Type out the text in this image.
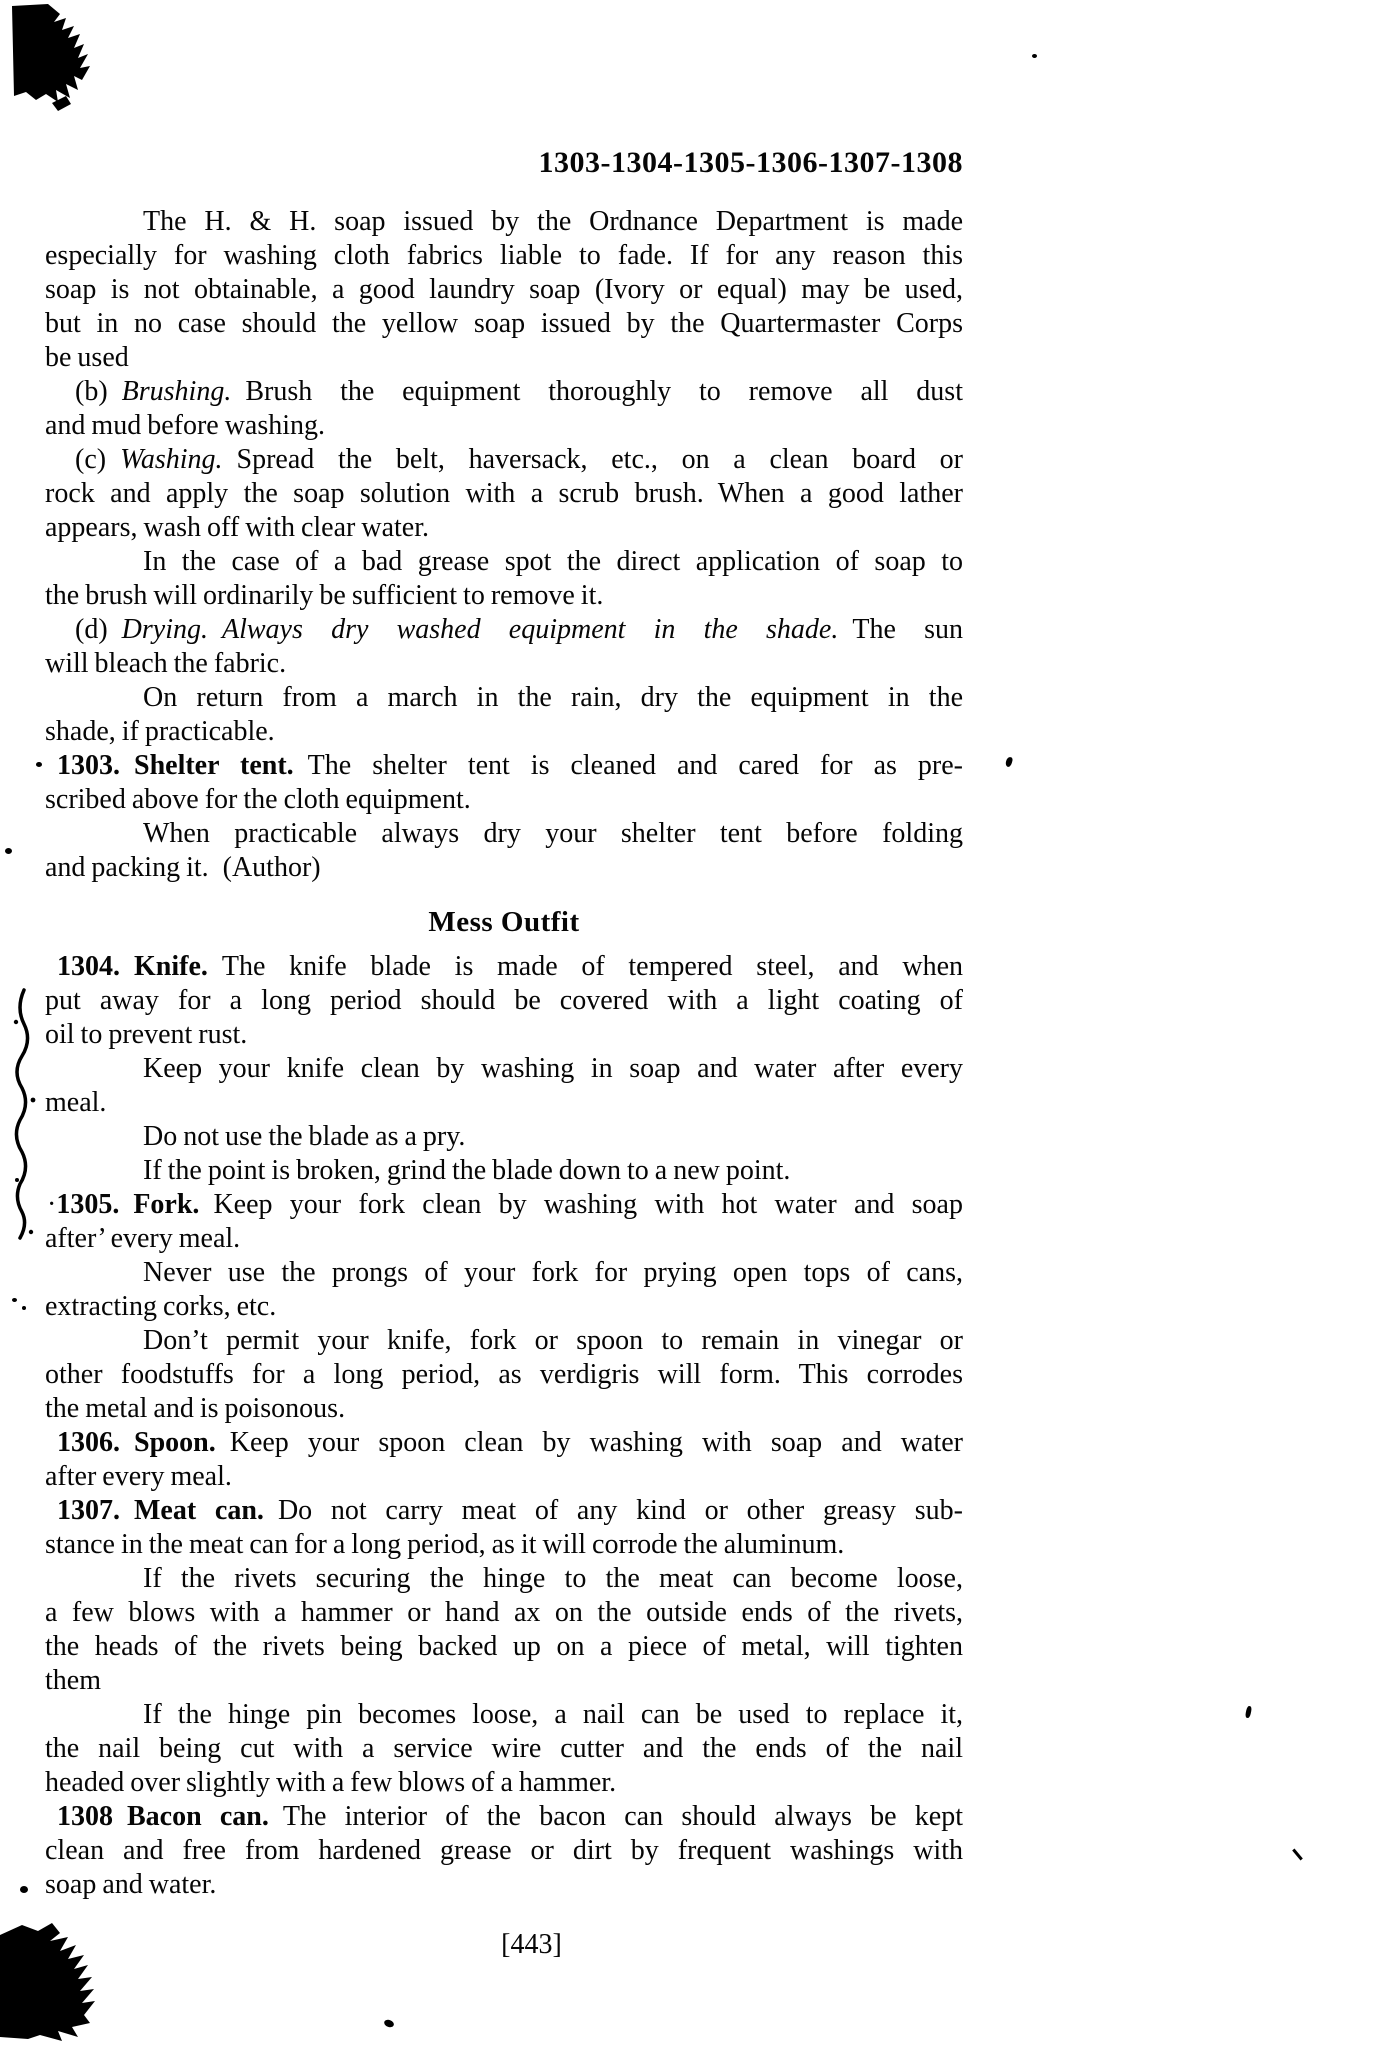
1303-1304-1305-1306-1307-1308
The H. & H. soap issued by the Ordnance Department is made
especially for washing cloth fabrics liable to fade. If for any reason this
soap is not obtainable, a good laundry soap (Ivory or equal) may be used,
but in no case should the yellow soap issued by the Quartermaster Corps
be used
(b)  Brushing. Brush the equipment thoroughly to remove all dust
and mud before washing.
(c)  Washing. Spread the belt, haversack, etc., on a clean board or
rock and apply the soap solution with a scrub brush. When a good lather
appears, wash off with clear water.
In the case of a bad grease spot the direct application of soap to
the brush will ordinarily be sufficient to remove it.
(d)  Drying.  Always dry washed equipment in the shade. The sun
will bleach the fabric.
On return from a march in the rain, dry the equipment in the
shade, if practicable.
1303.  Shelter tent. The shelter tent is cleaned and cared for as pre-
scribed above for the cloth equipment.
When practicable always dry your shelter tent before folding
and packing it. (Author)
Mess Outfit
1304.  Knife. The knife blade is made of tempered steel, and when
put away for a long period should be covered with a light coating of
oil to prevent rust.
Keep your knife clean by washing in soap and water after every
meal.
Do not use the blade as a pry.
If the point is broken, grind the blade down to a new point.
·1305.  Fork. Keep your fork clean by washing with hot water and soap
after’ every meal.
Never use the prongs of your fork for prying open tops of cans,
extracting corks, etc.
Don’t permit your knife, fork or spoon to remain in vinegar or
other foodstuffs for a long period, as verdigris will form. This corrodes
the metal and is poisonous.
1306.  Spoon. Keep your spoon clean by washing with soap and water
after every meal.
1307.  Meat can. Do not carry meat of any kind or other greasy sub-
stance in the meat can for a long period, as it will corrode the aluminum.
If the rivets securing the hinge to the meat can become loose,
a few blows with a hammer or hand ax on the outside ends of the rivets,
the heads of the rivets being backed up on a piece of metal, will tighten
them
If the hinge pin becomes loose, a nail can be used to replace it,
the nail being cut with a service wire cutter and the ends of the nail
headed over slightly with a few blows of a hammer.
1308  Bacon can. The interior of the bacon can should always be kept
clean and free from hardened grease or dirt by frequent washings with
soap and water.
[443]
